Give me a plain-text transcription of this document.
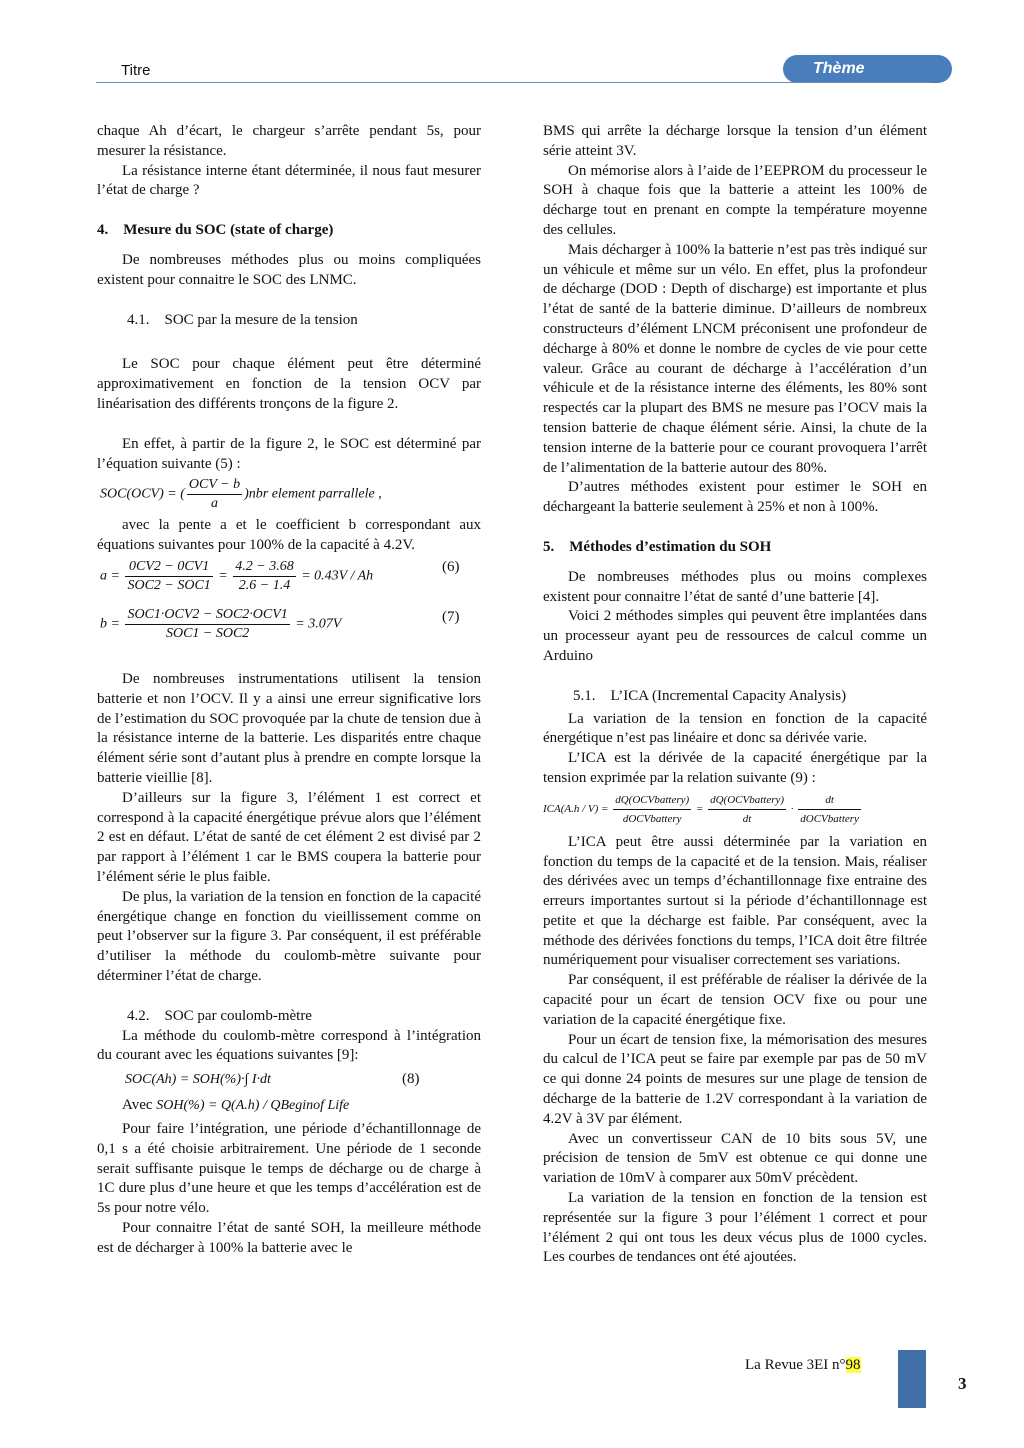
Titre	Thème

chaque Ah d’écart, le chargeur s’arrête pendant 5s, pour mesurer la résistance.

La résistance interne étant déterminée, il nous faut mesurer l’état de charge ?

4.    Mesure du SOC (state of charge)

De nombreuses méthodes plus ou moins compliquées existent pour connaitre le SOC des LNMC.

4.1.    SOC par la mesure de la tension

Le SOC pour chaque élément peut être déterminé approximativement en fonction de la tension OCV par linéarisation des différents tronçons de la figure 2.

En effet, à partir de la figure 2, le SOC est déterminé par l’équation suivante (5) :

SOC(OCV) = ( $\frac{\text{OCV − b}}{a} )nbr$ element parrallele ,

avec la pente a et le coefficient b correspondant aux équations suivantes pour 100% de la capacité à 4.2V.

$a = \frac{0CV2 - 0CV1}{\text{SOC2 − SOC1}} = \frac{4.2 - 3.68}{2.6 - 1.4} = 0.43V / Ah$
(6)
$b = \frac{\text{SOC1·OCV2 − SOC2·OCV1}}{\text{SOC1 − SOC2}} = 3.07V$	(7)

De nombreuses instrumentations utilisent la tension batterie et non l’OCV. Il y a ainsi une erreur significative lors de l’estimation du SOC provoquée par la chute de tension due à la résistance interne de la batterie. Les disparités entre chaque élément série sont d’autant plus à prendre en compte lorsque la batterie vieillie [8].

D’ailleurs sur la figure 3, l’élément 1 est correct et correspond à la capacité énergétique prévue alors que l’élément 2 est en défaut. L’état de santé de cet élément 2 est divisé par 2 par rapport à l’élément 1 car le BMS coupera la batterie pour l’élément série le plus faible.

De plus, la variation de la tension en fonction de la capacité énergétique change en fonction du vieillissement comme on peut l’observer sur la figure 3. Par conséquent, il est préférable d’utiliser la méthode du coulomb-mètre suivante pour déterminer l’état de charge.

4.2.    SOC par coulomb-mètre

La méthode du coulomb-mètre correspond à l’intégration du courant avec les équations suivantes [9]:

SOC(Ah) = SOH(%)·∫ I·dt	(8)
Avec SOH(%) = Q(A.h) / QBeginof Life

Pour faire l’intégration, une période d’échantillonnage de 0,1 s a été choisie arbitrairement. Une période de 1 seconde serait suffisante puisque le temps de décharge ou de charge à 1C dure plus d’une heure et que les temps d’accélération est de 5s pour notre vélo.

Pour connaitre l’état de santé SOH, la meilleure méthode est de décharger à 100% la batterie avec le

BMS qui arrête la décharge lorsque la tension d’un élément série atteint 3V.

On mémorise alors à l’aide de l’EEPROM du processeur le SOH à chaque fois que la batterie a atteint les 100% de décharge tout en prenant en compte la température moyenne des cellules.

Mais décharger à 100% la batterie n’est pas très indiqué sur un véhicule et même sur un vélo. En effet, plus la profondeur de décharge (DOD : Depth of discharge) est importante et plus l’état de santé de la batterie diminue. D’ailleurs de nombreux constructeurs d’élément LNCM préconisent une profondeur de décharge à 80% et donne le nombre de cycles de vie pour cette valeur. Grâce au courant de décharge à l’accélération d’un véhicule et de la résistance interne des éléments, les 80% sont respectés car la plupart des BMS ne mesure pas l’OCV mais la tension batterie de chaque élément série. Ainsi, la chute de la tension interne de la batterie pour ce courant provoquera l’arrêt de l’alimentation de la batterie autour des 80%.

D’autres méthodes existent pour estimer le SOH en déchargeant la batterie seulement à 25% et non à 100%.

5.    Méthodes d’estimation du SOH

De nombreuses méthodes plus ou moins complexes existent pour connaitre l’état de santé d’une batterie [4].

Voici 2 méthodes simples qui peuvent être implantées dans un processeur ayant peu de ressources de calcul comme un Arduino

5.1.    L’ICA (Incremental Capacity Analysis)

La variation de la tension en fonction de la capacité énergétique n’est pas linéaire et donc sa dérivée varie.

L’ICA est la dérivée de la capacité énergétique par la tension exprimée par la relation suivante (9) :

$ICA(A.h / V) = \frac{\text{dQ(OCVbattery)}}{\text{dOCVbattery}} = \frac{\text{dQ(OCVbattery)}}{dt} \cdot \frac{dt}{\text{dOCVbattery}}$

L’ICA peut être aussi déterminée par la variation en fonction du temps de la capacité et de la tension. Mais, réaliser des dérivées avec un temps d’échantillonnage fixe entraine des erreurs importantes surtout si la période d’échantillonnage est petite et que la décharge est faible. Par conséquent, avec la méthode des dérivées fonctions du temps, l’ICA doit être filtrée numériquement pour visualiser correctement ses variations.

Par conséquent, il est préférable de réaliser la dérivée de la capacité pour un écart de tension OCV fixe ou pour une variation de la capacité énergétique fixe.

Pour un écart de tension fixe, la mémorisation des mesures du calcul de l’ICA peut se faire par exemple par pas de 50 mV ce qui donne 24 points de mesures sur une plage de tension de décharge de la batterie de 1.2V correspondant à la variation de 4.2V à 3V par élément.

Avec un convertisseur CAN de 10 bits sous 5V, une précision de tension de 5mV est obtenue ce qui donne une variation de 10mV à comparer aux 50mV précèdent.

La variation de la tension en fonction de la tension est représentée sur la figure 3 pour l’élément 1 correct et pour l’élément 2 qui ont tous les deux vécus plus de 1000 cycles. Les courbes de tendances ont été ajoutées.

La Revue 3EI n°98
3
